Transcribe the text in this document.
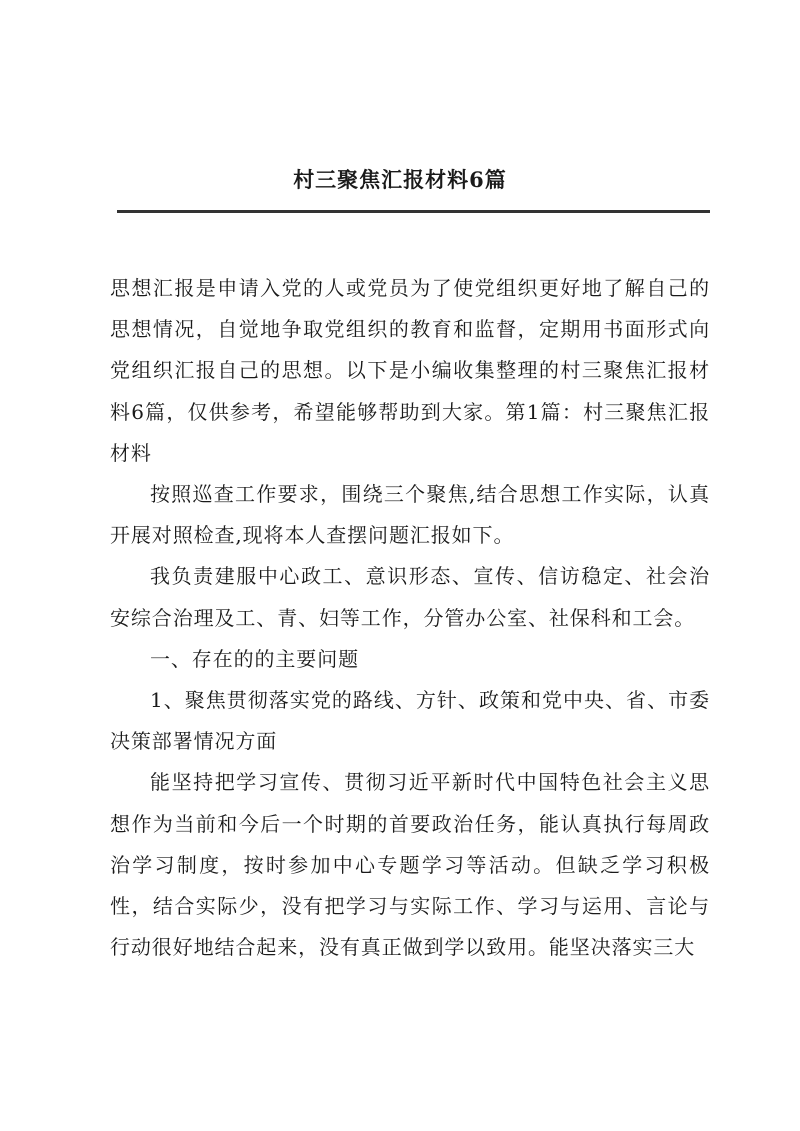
村三聚焦汇报材料6篇

思想汇报是申请入党的人或党员为了使党组织更好地了解自己的思想情况，自觉地争取党组织的教育和监督，定期用书面形式向党组织汇报自己的思想。以下是小编收集整理的村三聚焦汇报材料6篇，仅供参考，希望能够帮助到大家。第1篇：村三聚焦汇报材料

按照巡查工作要求，围绕三个聚焦,结合思想工作实际，认真开展对照检查,现将本人查摆问题汇报如下。

我负责建服中心政工、意识形态、宣传、信访稳定、社会治安综合治理及工、青、妇等工作，分管办公室、社保科和工会。

一、存在的的主要问题

1、聚焦贯彻落实党的路线、方针、政策和党中央、省、市委决策部署情况方面

能坚持把学习宣传、贯彻习近平新时代中国特色社会主义思想作为当前和今后一个时期的首要政治任务，能认真执行每周政治学习制度，按时参加中心专题学习等活动。但缺乏学习积极性，结合实际少，没有把学习与实际工作、学习与运用、言论与行动很好地结合起来，没有真正做到学以致用。能坚决落实三大
